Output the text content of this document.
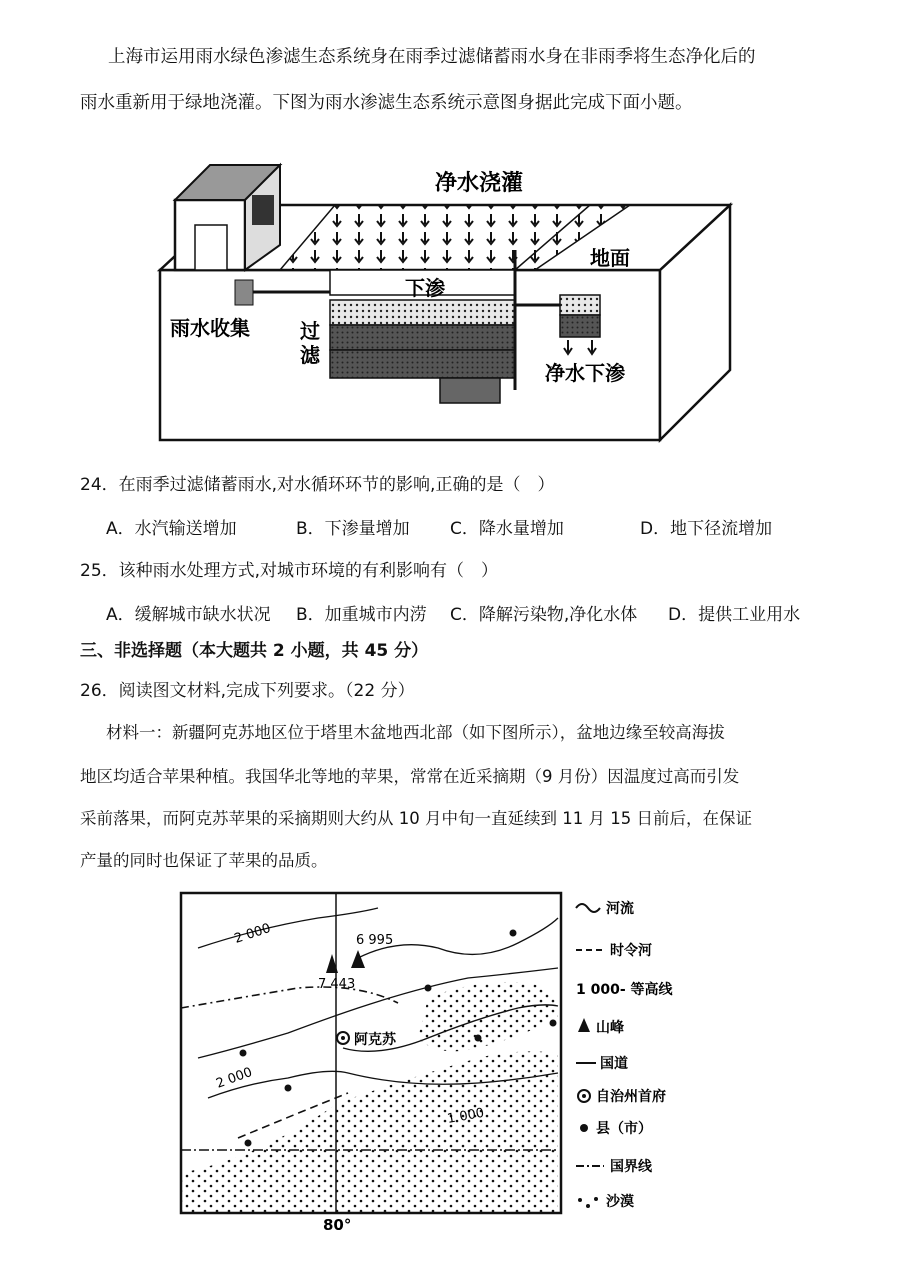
上海市运用雨水绿色渗滤生态系统身在雨季过滤储蓄雨水身在非雨季将生态净化后的
雨水重新用于绿地浇灌。下图为雨水渗滤生态系统示意图身据此完成下面小题。
净水浇灌
地面
下渗
雨水收集	过
滤
净水下渗
24．在雨季过滤储蓄雨水,对水循环环节的影响,正确的是（　）
A．水汽输送增加	B．下渗量增加 C．降水量增加	D．地下径流增加
25．该种雨水处理方式,对城市环境的有利影响有（　）
A．缓解城市缺水状况 B．加重城市内涝 C．降解污染物,净化水体 D．提供工业用水
三、非选择题（本大题共 2 小题，共 45 分）
26．阅读图文材料,完成下列要求。（22 分）
材料一：新疆阿克苏地区位于塔里木盆地西北部（如下图所示），盆地边缘至较高海拔
地区均适合苹果种植。我国华北等地的苹果，常常在近采摘期（9 月份）因温度过高而引发
采前落果，而阿克苏苹果的采摘期则大约从 10 月中旬一直延续到 11 月 15 日前后，在保证
产量的同时也保证了苹果的品质。
2 000
2 000
1 000
6 995
7 443
阿克苏
80°
河流
时令河
1 000- 等高线
山峰
国道
自治州首府
县（市）
国界线
沙漠
